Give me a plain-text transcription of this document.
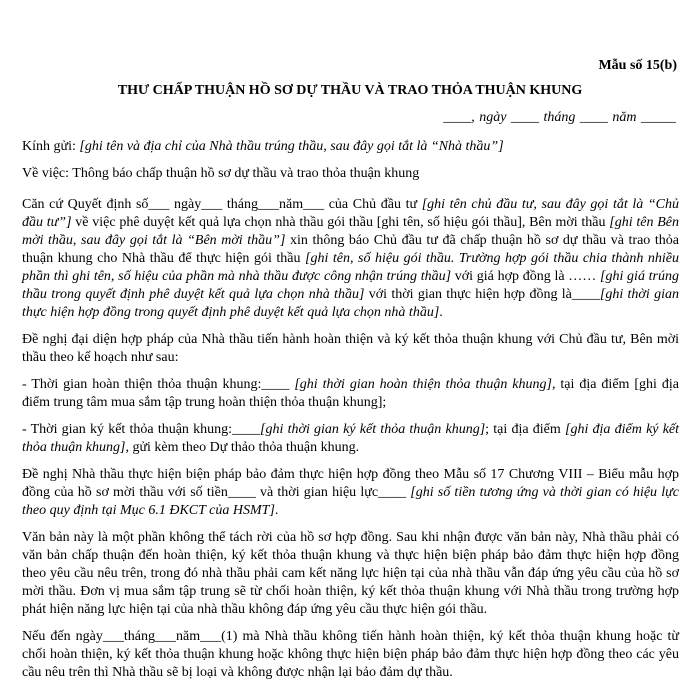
Mẫu số 15(b)
THƯ CHẤP THUẬN HỒ SƠ DỰ THẦU VÀ TRAO THỎA THUẬN KHUNG
____, ngày ____ tháng ____ năm _____

Kính gửi: [ghi tên và địa chỉ của Nhà thầu trúng thầu, sau đây gọi tắt là “Nhà thầu”]

Về việc: Thông báo chấp thuận hồ sơ dự thầu và trao thỏa thuận khung

Căn cứ Quyết định số___ ngày___ tháng___năm___ của Chủ đầu tư [ghi tên chủ đầu tư, sau đây gọi tắt là “Chủ đầu tư”] về việc phê duyệt kết quả lựa chọn nhà thầu gói thầu [ghi tên, số hiệu gói thầu], Bên mời thầu [ghi tên Bên mời thầu, sau đây gọi tắt là “Bên mời thầu”] xin thông báo Chủ đầu tư đã chấp thuận hồ sơ dự thầu và trao thỏa thuận khung cho Nhà thầu để thực hiện gói thầu [ghi tên, số hiệu gói thầu. Trường hợp gói thầu chia thành nhiều phần thì ghi tên, số hiệu của phần mà nhà thầu được công nhận trúng thầu] với giá hợp đồng là …… [ghi giá trúng thầu trong quyết định phê duyệt kết quả lựa chọn nhà thầu] với thời gian thực hiện hợp đồng là____[ghi thời gian thực hiện hợp đồng trong quyết định phê duyệt kết quả lựa chọn nhà thầu].

Đề nghị đại diện hợp pháp của Nhà thầu tiến hành hoàn thiện và ký kết thỏa thuận khung với Chủ đầu tư, Bên mời thầu theo kế hoạch như sau:

- Thời gian hoàn thiện thỏa thuận khung:____ [ghi thời gian hoàn thiện thỏa thuận khung], tại địa điểm [ghi địa điểm trung tâm mua sắm tập trung hoàn thiện thỏa thuận khung];

- Thời gian ký kết thỏa thuận khung:____[ghi thời gian ký kết thỏa thuận khung]; tại địa điểm [ghi địa điểm ký kết thỏa thuận khung], gửi kèm theo Dự thảo thỏa thuận khung.

Đề nghị Nhà thầu thực hiện biện pháp bảo đảm thực hiện hợp đồng theo Mẫu số 17 Chương VIII – Biểu mẫu hợp đồng của hồ sơ mời thầu với số tiền____ và thời gian hiệu lực____ [ghi số tiền tương ứng và thời gian có hiệu lực theo quy định tại Mục 6.1 ĐKCT của HSMT].

Văn bản này là một phần không thể tách rời của hồ sơ hợp đồng. Sau khi nhận được văn bản này, Nhà thầu phải có văn bản chấp thuận đến hoàn thiện, ký kết thỏa thuận khung và thực hiện biện pháp bảo đảm thực hiện hợp đồng theo yêu cầu nêu trên, trong đó nhà thầu phải cam kết năng lực hiện tại của nhà thầu vẫn đáp ứng yêu cầu của hồ sơ mời thầu. Đơn vị mua sắm tập trung sẽ từ chối hoàn thiện, ký kết thỏa thuận khung với Nhà thầu trong trường hợp phát hiện năng lực hiện tại của nhà thầu không đáp ứng yêu cầu thực hiện gói thầu.

Nếu đến ngày___tháng___năm___(1) mà Nhà thầu không tiến hành hoàn thiện, ký kết thỏa thuận khung hoặc từ chối hoàn thiện, ký kết thỏa thuận khung hoặc không thực hiện biện pháp bảo đảm thực hiện hợp đồng theo các yêu cầu nêu trên thì Nhà thầu sẽ bị loại và không được nhận lại bảo đảm dự thầu.
